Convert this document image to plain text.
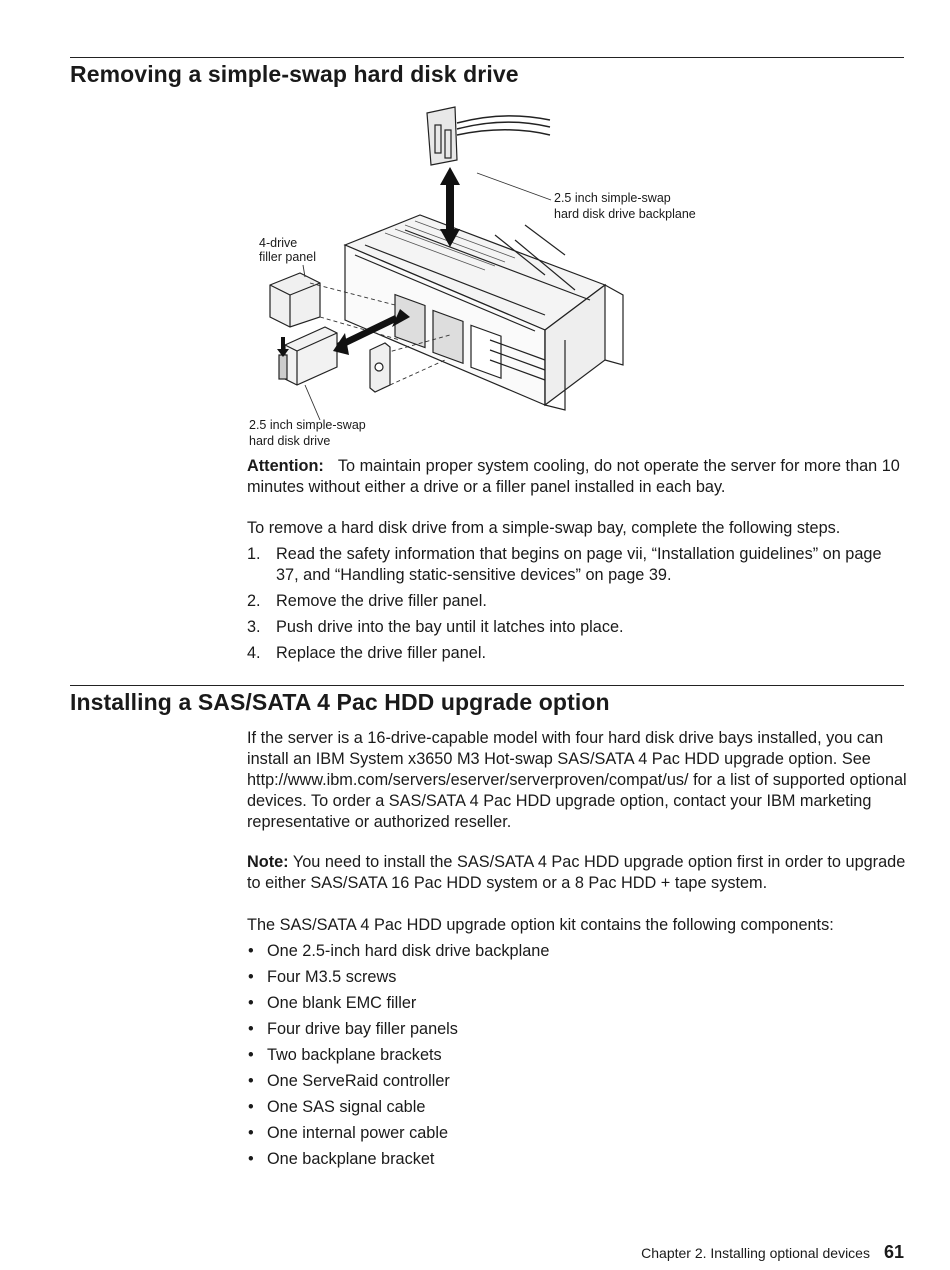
Removing a simple-swap hard disk drive
2.5 inch simple-swap hard disk drive backplane
4-drive filler panel
2.5 inch simple-swap hard disk drive

Attention: To maintain proper system cooling, do not operate the server for more than 10 minutes without either a drive or a filler panel installed in each bay.

To remove a hard disk drive from a simple-swap bay, complete the following steps.

1. Read the safety information that begins on page vii, “Installation guidelines” on page 37, and “Handling static-sensitive devices” on page 39.
2. Remove the drive filler panel.
3. Push drive into the bay until it latches into place.
4. Replace the drive filler panel.
Installing a SAS/SATA 4 Pac HDD upgrade option

If the server is a 16-drive-capable model with four hard disk drive bays installed, you can install an IBM System x3650 M3 Hot-swap SAS/SATA 4 Pac HDD upgrade option. See http://www.ibm.com/servers/eserver/serverproven/compat/us/ for a list of supported optional devices. To order a SAS/SATA 4 Pac HDD upgrade option, contact your IBM marketing representative or authorized reseller.

Note: You need to install the SAS/SATA 4 Pac HDD upgrade option first in order to upgrade to either SAS/SATA 16 Pac HDD system or a 8 Pac HDD + tape system.

The SAS/SATA 4 Pac HDD upgrade option kit contains the following components:

• One 2.5-inch hard disk drive backplane
• Four M3.5 screws
• One blank EMC filler
• Four drive bay filler panels
• Two backplane brackets
• One ServeRaid controller
• One SAS signal cable
• One internal power cable
• One backplane bracket
Chapter 2. Installing optional devices 61
